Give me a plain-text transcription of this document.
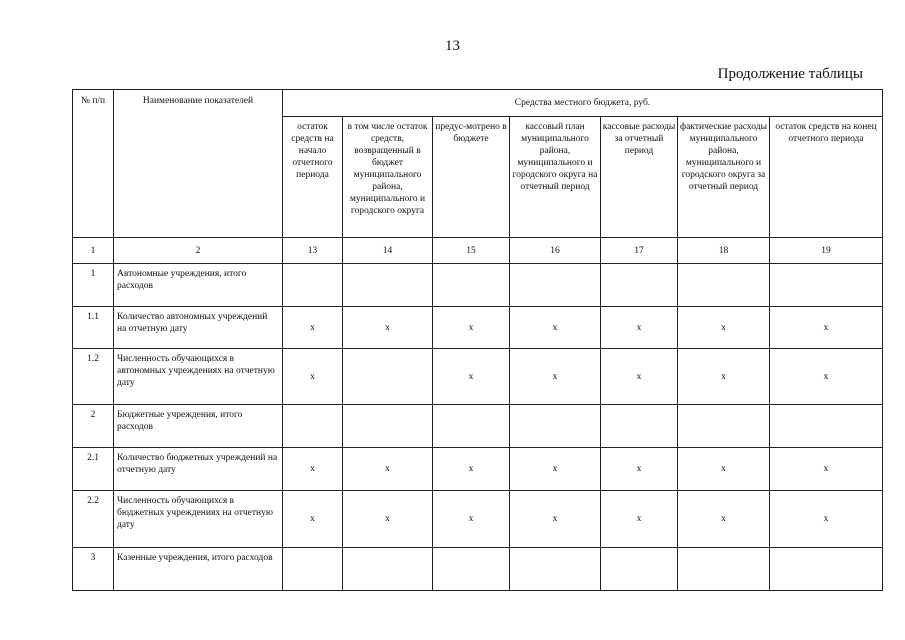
13
Продолжение таблицы
№ п/п	Наименование показателей	Средства местного бюджета, руб.						
		остаток средств на начало отчетного периода	в том числе остаток средств, возвращенный в бюджет муниципального района, муниципального и городского округа	предус-мотрено в бюджете	кассовый план муниципального района, муниципального и городского округа на отчетный период	кассовые расходы за отчетный период	фактические расходы муниципального района, муниципального и городского округа за отчетный период	остаток средств на конец отчетного периода
1	2	13	14	15	16	17	18	19
1	Автономные учреждения, итого расходов							
1.1	Количество автономных учреждений на отчетную дату	x	x	x	x	x	x	x
1.2	Численность обучающихся в автономных учреждениях на отчетную дату	x		x	x	x	x	x
2	Бюджетные учреждения, итого расходов							
2.1	Количество бюджетных учреждений на отчетную дату	x	x	x	x	x	x	x
2.2	Численность обучающихся в бюджетных учреждениях на отчетную дату	x	x	x	x	x	x	x
3	Казенные учреждения, итого расходов							
